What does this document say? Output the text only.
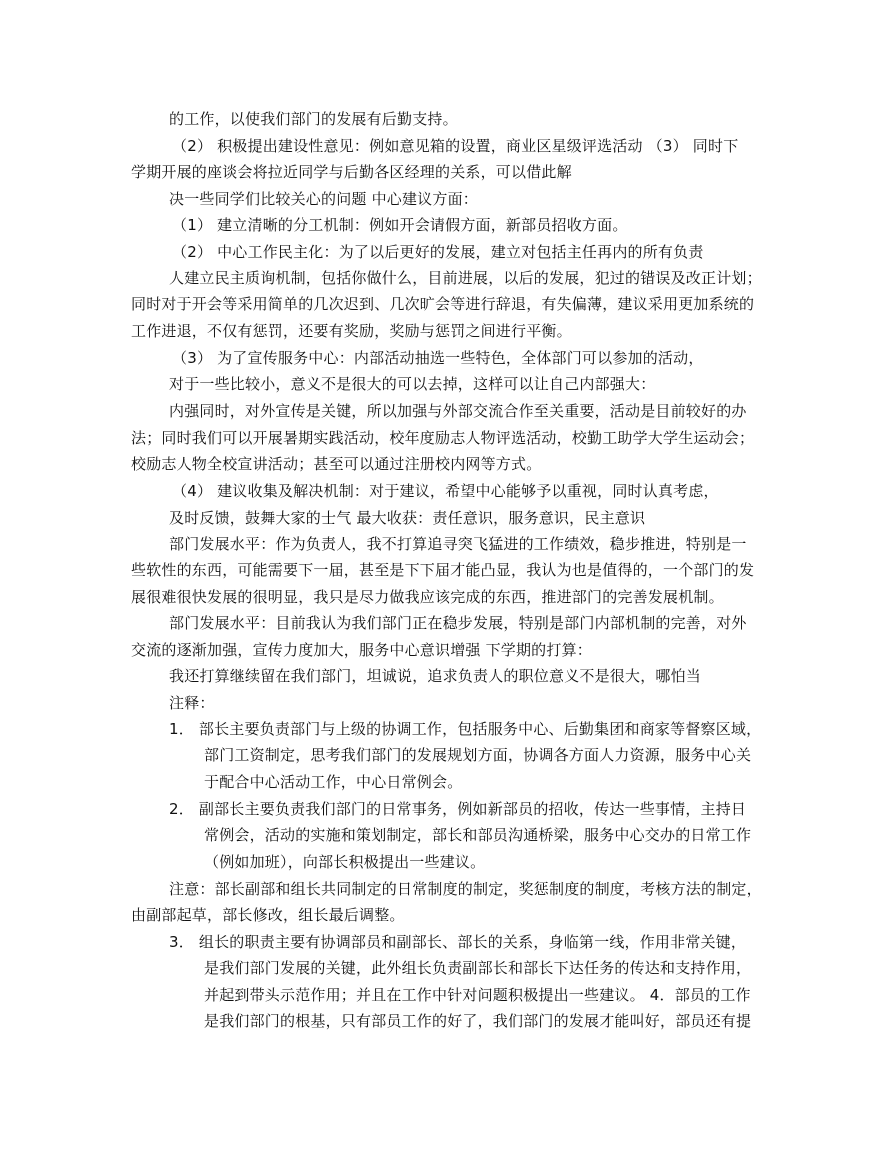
的工作，以使我们部门的发展有后勤支持。
（2） 积极提出建设性意见：例如意见箱的设置，商业区星级评选活动 （3） 同时下
学期开展的座谈会将拉近同学与后勤各区经理的关系，可以借此解
决一些同学们比较关心的问题 中心建议方面：
（1） 建立清晰的分工机制：例如开会请假方面，新部员招收方面。
（2） 中心工作民主化：为了以后更好的发展，建立对包括主任再内的所有负责
人建立民主质询机制，包括你做什么，目前进展，以后的发展，犯过的错误及改正计划；
同时对于开会等采用简单的几次迟到、几次旷会等进行辞退，有失偏薄，建议采用更加系统的
工作进退，不仅有惩罚，还要有奖励，奖励与惩罚之间进行平衡。
（3） 为了宣传服务中心：内部活动抽选一些特色，全体部门可以参加的活动，
对于一些比较小，意义不是很大的可以去掉，这样可以让自己内部强大：
内强同时，对外宣传是关键，所以加强与外部交流合作至关重要，活动是目前较好的办
法；同时我们可以开展暑期实践活动，校年度励志人物评选活动，校勤工助学大学生运动会；
校励志人物全校宣讲活动；甚至可以通过注册校内网等方式。
（4） 建议收集及解决机制：对于建议，希望中心能够予以重视，同时认真考虑，
及时反馈，鼓舞大家的士气 最大收获：责任意识，服务意识，民主意识
部门发展水平：作为负责人，我不打算追寻突飞猛进的工作绩效，稳步推进，特别是一
些软性的东西，可能需要下一届，甚至是下下届才能凸显，我认为也是值得的，一个部门的发
展很难很快发展的很明显，我只是尽力做我应该完成的东西，推进部门的完善发展机制。
部门发展水平：目前我认为我们部门正在稳步发展，特别是部门内部机制的完善，对外
交流的逐渐加强，宣传力度加大，服务中心意识增强 下学期的打算：
我还打算继续留在我们部门，坦诚说，追求负责人的职位意义不是很大，哪怕当
注释：
1． 部长主要负责部门与上级的协调工作，包括服务中心、后勤集团和商家等督察区域，
部门工资制定，思考我们部门的发展规划方面，协调各方面人力资源，服务中心关
于配合中心活动工作，中心日常例会。
2． 副部长主要负责我们部门的日常事务，例如新部员的招收，传达一些事情，主持日
常例会，活动的实施和策划制定，部长和部员沟通桥梁，服务中心交办的日常工作
（例如加班），向部长积极提出一些建议。
注意：部长副部和组长共同制定的日常制度的制定，奖惩制度的制度，考核方法的制定，
由副部起草，部长修改，组长最后调整。
3． 组长的职责主要有协调部员和副部长、部长的关系，身临第一线，作用非常关键，
是我们部门发展的关键，此外组长负责副部长和部长下达任务的传达和支持作用，
并起到带头示范作用；并且在工作中针对问题积极提出一些建议。 4．部员的工作
是我们部门的根基，只有部员工作的好了，我们部门的发展才能叫好，部员还有提
